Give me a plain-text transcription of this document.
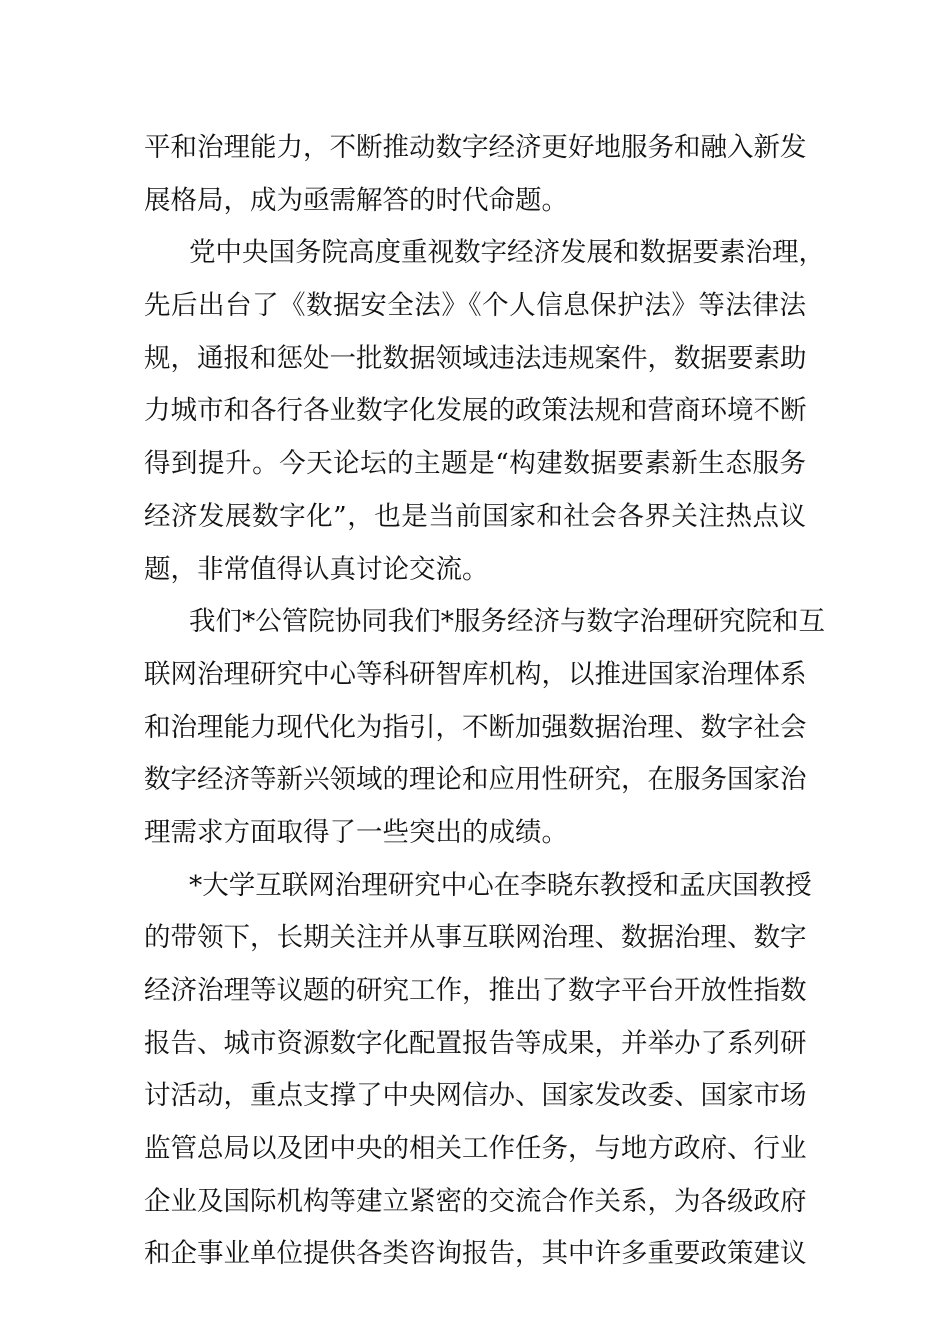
平和治理能力，不断推动数字经济更好地服务和融入新发
展格局，成为亟需解答的时代命题。
党中央国务院高度重视数字经济发展和数据要素治理，
先后出台了《数据安全法》《个人信息保护法》等法律法
规，通报和惩处一批数据领域违法违规案件，数据要素助
力城市和各行各业数字化发展的政策法规和营商环境不断
得到提升。今天论坛的主题是“构建数据要素新生态服务
经济发展数字化”，也是当前国家和社会各界关注热点议
题，非常值得认真讨论交流。
我们*公管院协同我们*服务经济与数字治理研究院和互
联网治理研究中心等科研智库机构，以推进国家治理体系
和治理能力现代化为指引，不断加强数据治理、数字社会
数字经济等新兴领域的理论和应用性研究，在服务国家治
理需求方面取得了一些突出的成绩。
*大学互联网治理研究中心在李晓东教授和孟庆国教授
的带领下，长期关注并从事互联网治理、数据治理、数字
经济治理等议题的研究工作，推出了数字平台开放性指数
报告、城市资源数字化配置报告等成果，并举办了系列研
讨活动，重点支撑了中央网信办、国家发改委、国家市场
监管总局以及团中央的相关工作任务，与地方政府、行业
企业及国际机构等建立紧密的交流合作关系，为各级政府
和企事业单位提供各类咨询报告，其中许多重要政策建议
